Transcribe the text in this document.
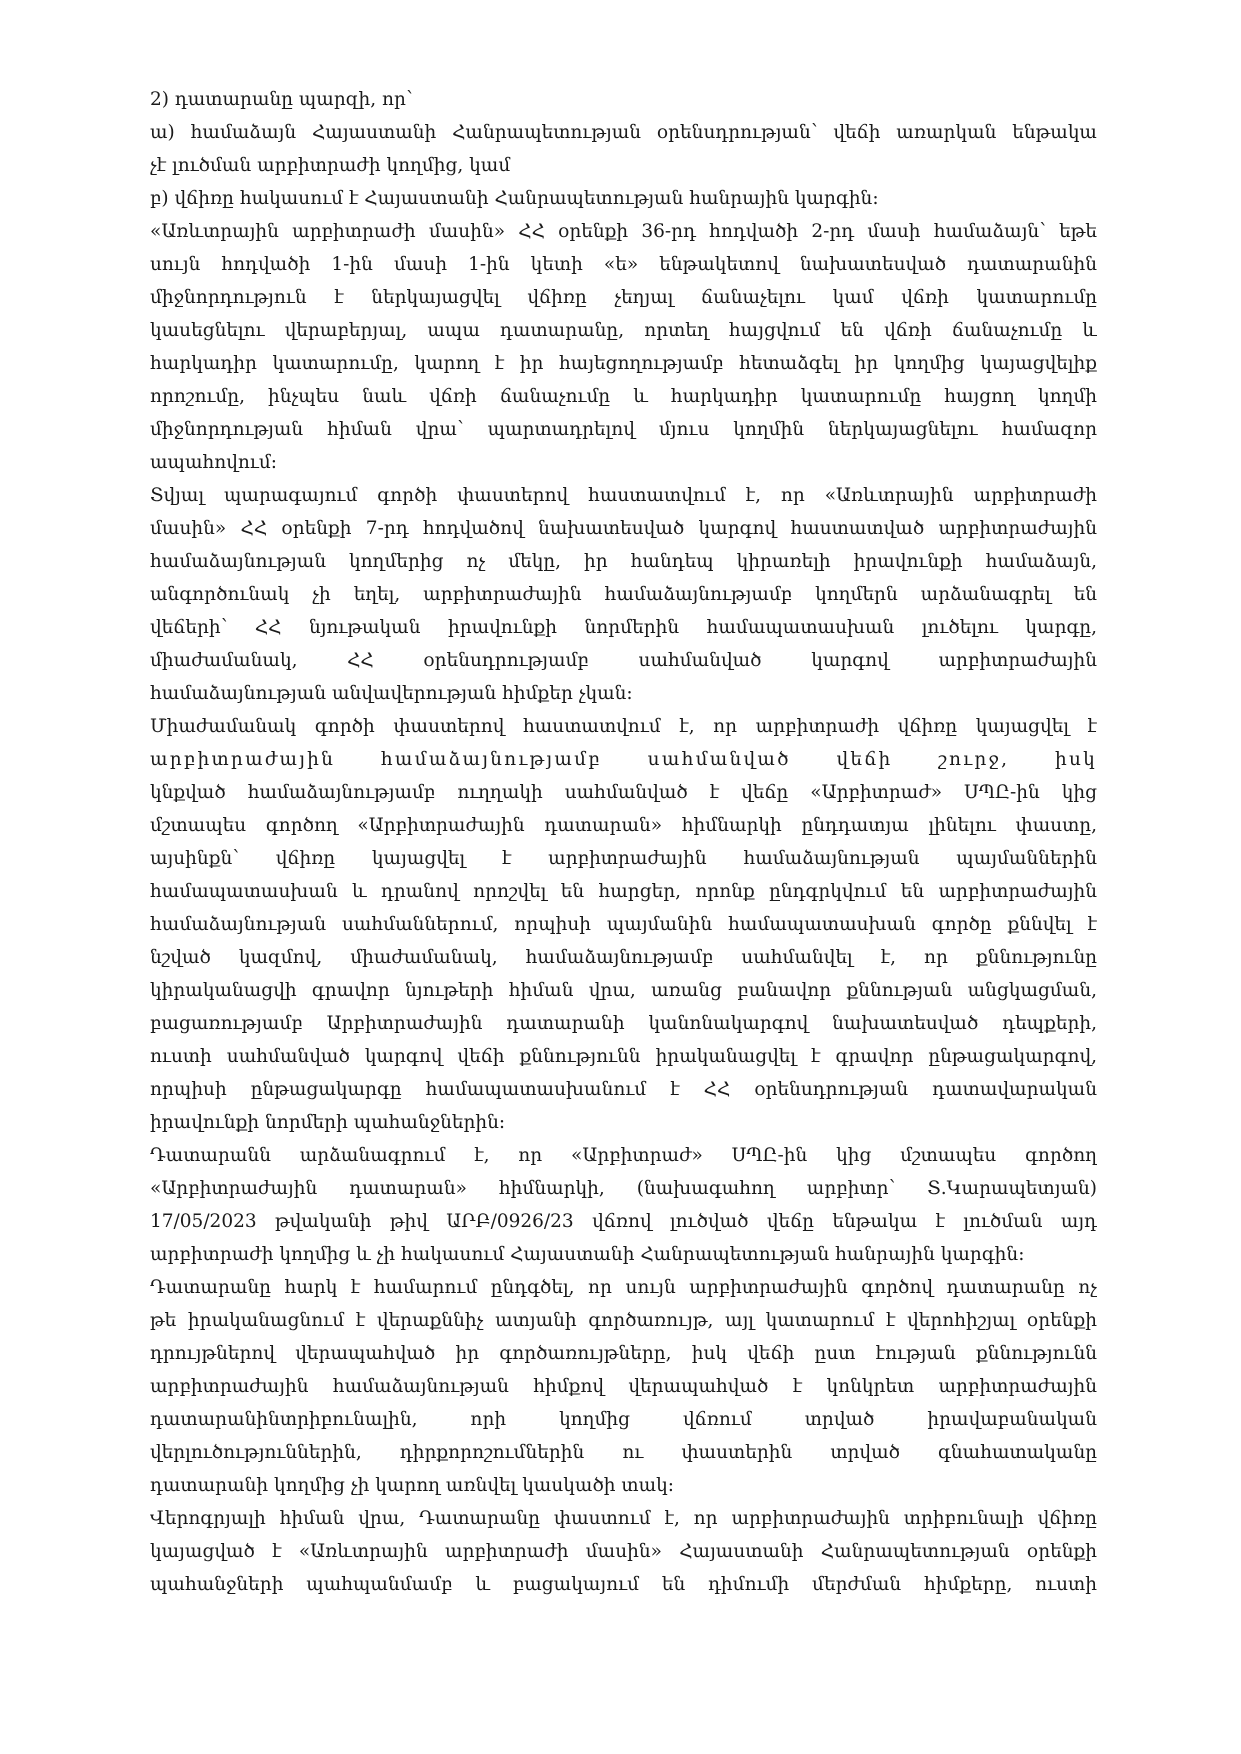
2) դատարանը պարզի, որ՝
ա) համաձայն Հայաստանի Հանրապետության օրենսդրության՝ վեճի առարկան ենթակա
չէ լուծման արբիտրաժի կողմից, կամ
բ) վճիռը հակասում է Հայաստանի Հանրապետության հանրային կարգին:
«Առևտրային արբիտրաժի մասին» ՀՀ օրենքի 36-րդ հոդվածի 2-րդ մասի համաձայն՝ եթե
սույն հոդվածի 1-ին մասի 1-ին կետի «ե» ենթակետով նախատեսված դատարանին
միջնորդություն է ներկայացվել վճիռը չեղյալ ճանաչելու կամ վճռի կատարումը
կասեցնելու վերաբերյալ, ապա դատարանը, որտեղ հայցվում են վճռի ճանաչումը և
հարկադիր կատարումը, կարող է իր հայեցողությամբ հետաձգել իր կողմից կայացվելիք
որոշումը, ինչպես նաև վճռի ճանաչումը և հարկադիր կատարումը հայցող կողմի
միջնորդության հիման վրա՝ պարտադրելով մյուս կողմին ներկայացնելու համազոր
ապահովում:
Տվյալ պարագայում գործի փաստերով հաստատվում է, որ «Առևտրային արբիտրաժի
մասին» ՀՀ օրենքի 7-րդ հոդվածով նախատեսված կարգով հաստատված արբիտրաժային
համաձայնության կողմերից ոչ մեկը, իր հանդեպ կիրառելի իրավունքի համաձայն,
անգործունակ չի եղել, արբիտրաժային համաձայնությամբ կողմերն արձանագրել են
վեճերի՝ ՀՀ նյութական իրավունքի նորմերին համապատասխան լուծելու կարգը,
միաժամանակ, ՀՀ օրենսդրությամբ սահմանված կարգով արբիտրաժային
համաձայնության անվավերության հիմքեր չկան:
Միաժամանակ գործի փաստերով հաստատվում է, որ արբիտրաժի վճիռը կայացվել է
արբիտրաժային համաձայնությամբ սահմանված վեճի շուրջ, իսկ
կնքված համաձայնությամբ ուղղակի սահմանված է վեճը «Արբիտրաժ» ՍՊԸ-ին կից
մշտապես գործող «Արբիտրաժային դատարան» հիմնարկի ընդդատյա լինելու փաստը,
այսինքն՝ վճիռը կայացվել է արբիտրաժային համաձայնության պայմաններին
համապատասխան և դրանով որոշվել են հարցեր, որոնք ընդգրկվում են արբիտրաժային
համաձայնության սահմաններում, որպիսի պայմանին համապատասխան գործը քննվել է
նշված կազմով, միաժամանակ, համաձայնությամբ սահմանվել է, որ քննությունը
կիրականացվի գրավոր նյութերի հիման վրա, առանց բանավոր քննության անցկացման,
բացառությամբ Արբիտրաժային դատարանի կանոնակարգով նախատեսված դեպքերի,
ուստի սահմանված կարգով վեճի քննությունն իրականացվել է գրավոր ընթացակարգով,
որպիսի ընթացակարգը համապատասխանում է ՀՀ օրենսդրության դատավարական
իրավունքի նորմերի պահանջներին:
Դատարանն արձանագրում է, որ «Արբիտրաժ» ՍՊԸ-ին կից մշտապես գործող
«Արբիտրաժային դատարան» հիմնարկի, (նախագահող արբիտր՝ Տ.Կարապետյան)
17/05/2023 թվականի թիվ ԱՐԲ/0926/23 վճռով լուծված վեճը ենթակա է լուծման այդ
արբիտրաժի կողմից և չի հակասում Հայաստանի Հանրապետության հանրային կարգին:
Դատարանը հարկ է համարում ընդգծել, որ սույն արբիտրաժային գործով դատարանը ոչ
թե իրականացնում է վերաքննիչ ատյանի գործառույթ, այլ կատարում է վերոհիշյալ օրենքի
դրույթներով վերապահված իր գործառույթները, իսկ վեճի ըստ էության քննությունն
արբիտրաժային համաձայնության հիմքով վերապահված է կոնկրետ արբիտրաժային
դատարանինտրիբունալին, որի կողմից վճռում տրված իրավաբանական
վերլուծություններին, դիրքորոշումներին ու փաստերին տրված գնահատականը
դատարանի կողմից չի կարող առնվել կասկածի տակ:
Վերոգրյալի հիման վրա, Դատարանը փաստում է, որ արբիտրաժային տրիբունալի վճիռը
կայացված է «Առևտրային արբիտրաժի մասին» Հայաստանի Հանրապետության օրենքի
պահանջների պահպանմամբ և բացակայում են դիմումի մերժման հիմքերը, ուստի
